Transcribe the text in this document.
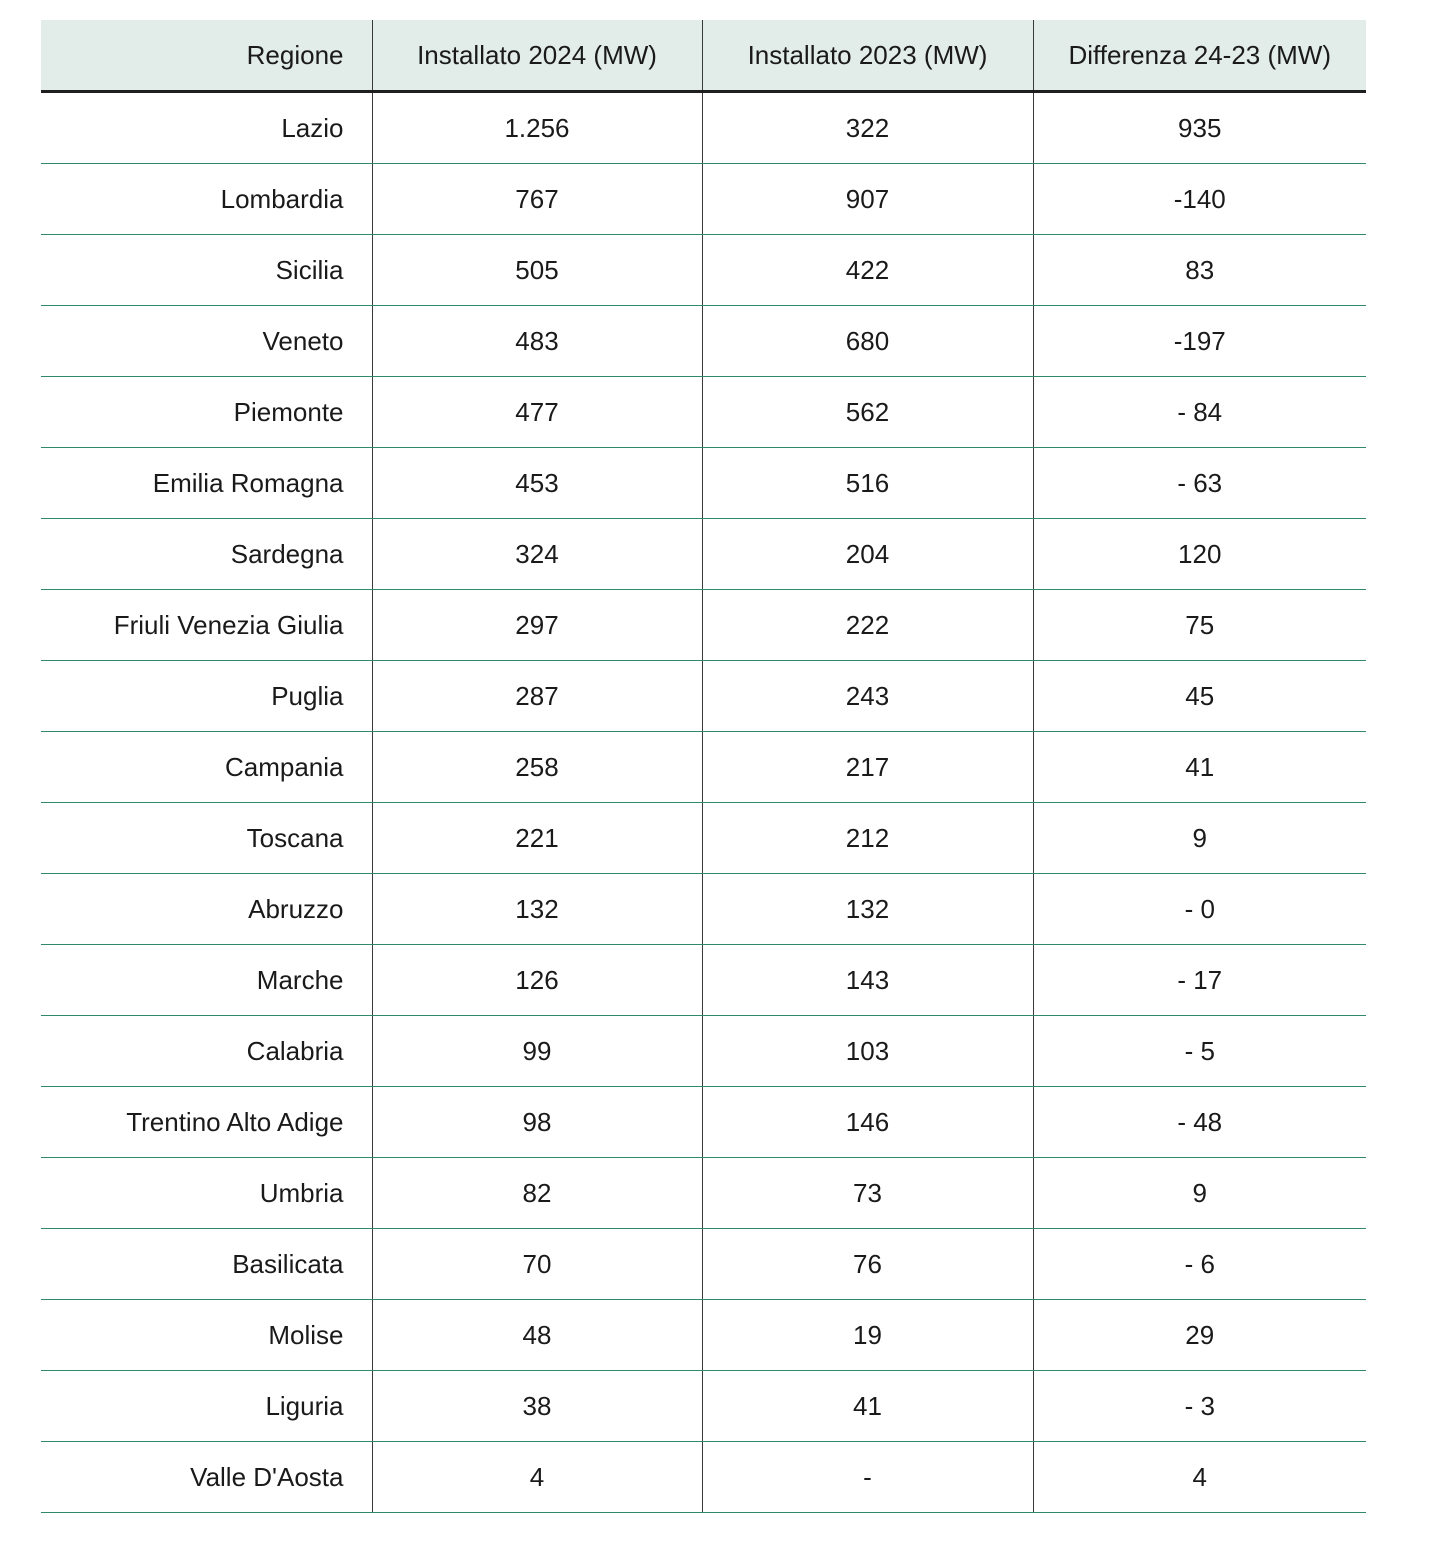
Regione	Installato 2024 (MW)	Installato 2023 (MW)	Differenza 24-23 (MW)
Lazio	1.256	322	935
Lombardia	767	907	-140
Sicilia	505	422	83
Veneto	483	680	-197
Piemonte	477	562	- 84
Emilia Romagna	453	516	- 63
Sardegna	324	204	120
Friuli Venezia Giulia	297	222	75
Puglia	287	243	45
Campania	258	217	41
Toscana	221	212	9
Abruzzo	132	132	- 0
Marche	126	143	- 17
Calabria	99	103	- 5
Trentino Alto Adige	98	146	- 48
Umbria	82	73	9
Basilicata	70	76	- 6
Molise	48	19	29
Liguria	38	41	- 3
Valle D'Aosta	4	-	4
